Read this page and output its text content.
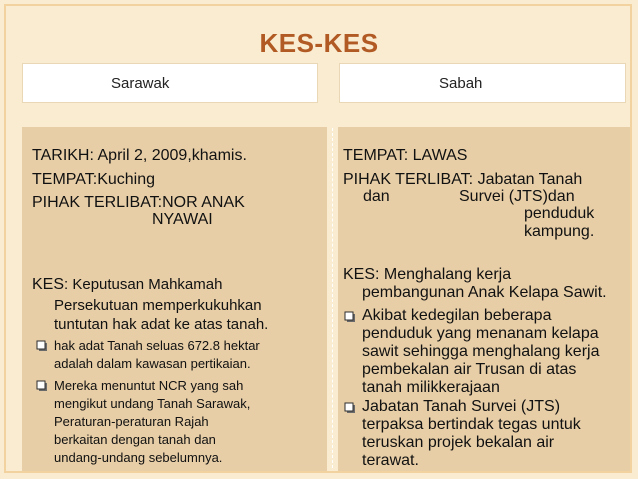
KES-KES
Sarawak	Sabah
TARIKH: April 2, 2009,khamis.
TEMPAT:Kuching
PIHAK TERLIBAT:NOR ANAK
NYAWAI
KES: Keputusan Mahkamah
Persekutuan memperkukuhkan
tuntutan hak adat ke atas tanah.
hak adat Tanah seluas 672.8 hektar
adalah dalam kawasan pertikaian.
Mereka menuntut NCR yang sah
mengikut undang Tanah Sarawak,
Peraturan-peraturan Rajah
berkaitan dengan tanah dan
undang-undang sebelumnya.
TEMPAT: LAWAS
PIHAK TERLIBAT: Jabatan Tanah
dan	Survei (JTS)dan
penduduk
kampung.
KES: Menghalang kerja
pembangunan Anak Kelapa Sawit.
Akibat kedegilan beberapa
penduduk yang menanam kelapa
sawit sehingga menghalang kerja
pembekalan air Trusan di atas
tanah milikkerajaan
Jabatan Tanah Survei (JTS)
terpaksa bertindak tegas untuk
teruskan projek bekalan air
terawat.
